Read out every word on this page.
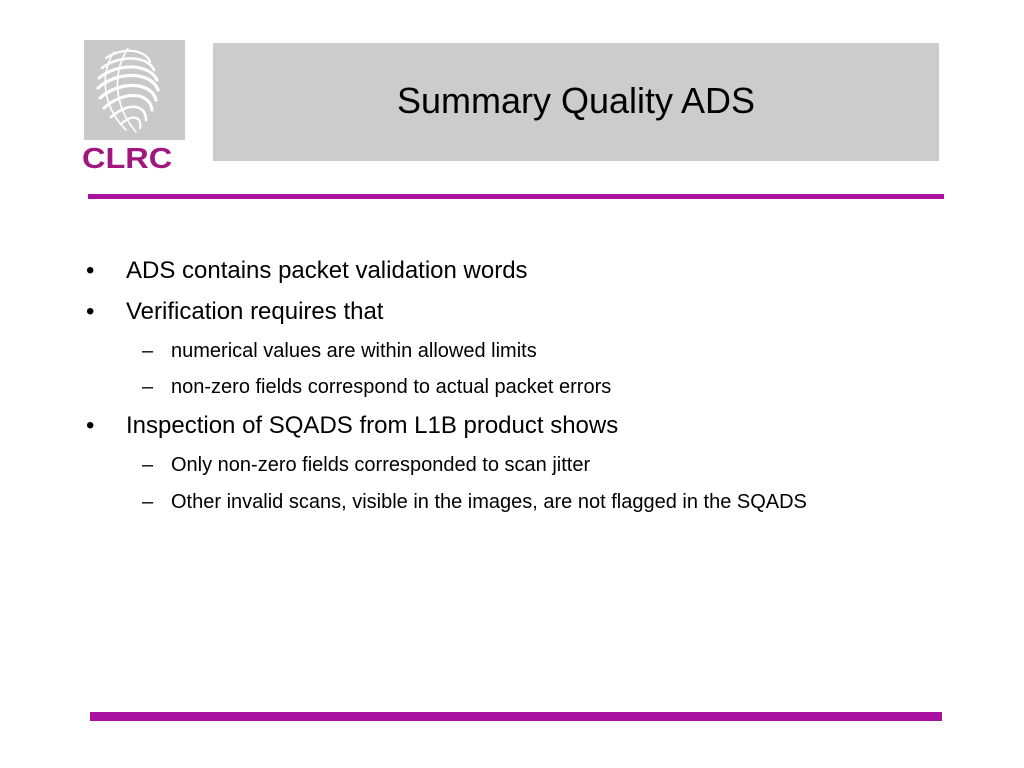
CLRC
Summary Quality ADS
• ADS contains packet validation words
• Verification requires that
– numerical values are within allowed limits
– non-zero fields correspond to actual packet errors
• Inspection of SQADS from L1B product shows
– Only non-zero fields corresponded to scan jitter
– Other invalid scans, visible in the images, are not flagged in the SQADS
